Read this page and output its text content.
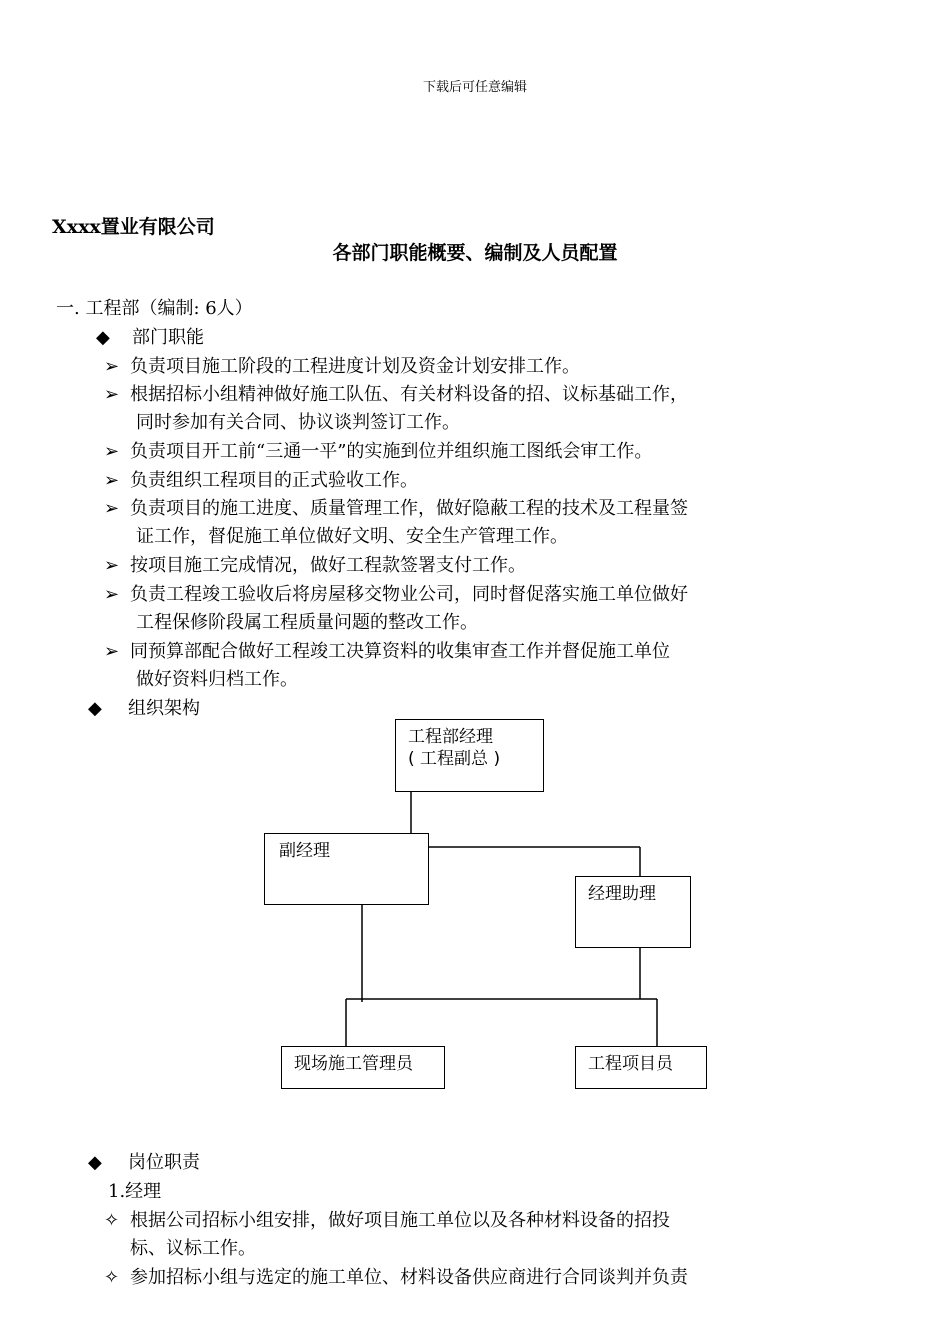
下载后可任意编辑
Xxxx置业有限公司
各部门职能概要、编制及人员配置
一. 工程部（编制: 6人）
◆ 部门职能
➢ 负责项目施工阶段的工程进度计划及资金计划安排工作。
➢ 根据招标小组精神做好施工队伍、有关材料设备的招、议标基础工作，
同时参加有关合同、协议谈判签订工作。
➢ 负责项目开工前“三通一平”的实施到位并组织施工图纸会审工作。
➢ 负责组织工程项目的正式验收工作。
➢ 负责项目的施工进度、质量管理工作，做好隐蔽工程的技术及工程量签
证工作，督促施工单位做好文明、安全生产管理工作。
➢ 按项目施工完成情况，做好工程款签署支付工作。
➢ 负责工程竣工验收后将房屋移交物业公司，同时督促落实施工单位做好
工程保修阶段属工程质量问题的整改工作。
➢ 同预算部配合做好工程竣工决算资料的收集审查工作并督促施工单位
做好资料归档工作。
◆ 组织架构
工程部经理
( 工程副总 )
副经理
经理助理
现场施工管理员	工程项目员
◆ 岗位职责
1.经理
✧ 根据公司招标小组安排，做好项目施工单位以及各种材料设备的招投
标、议标工作。
✧ 参加招标小组与选定的施工单位、材料设备供应商进行合同谈判并负责
